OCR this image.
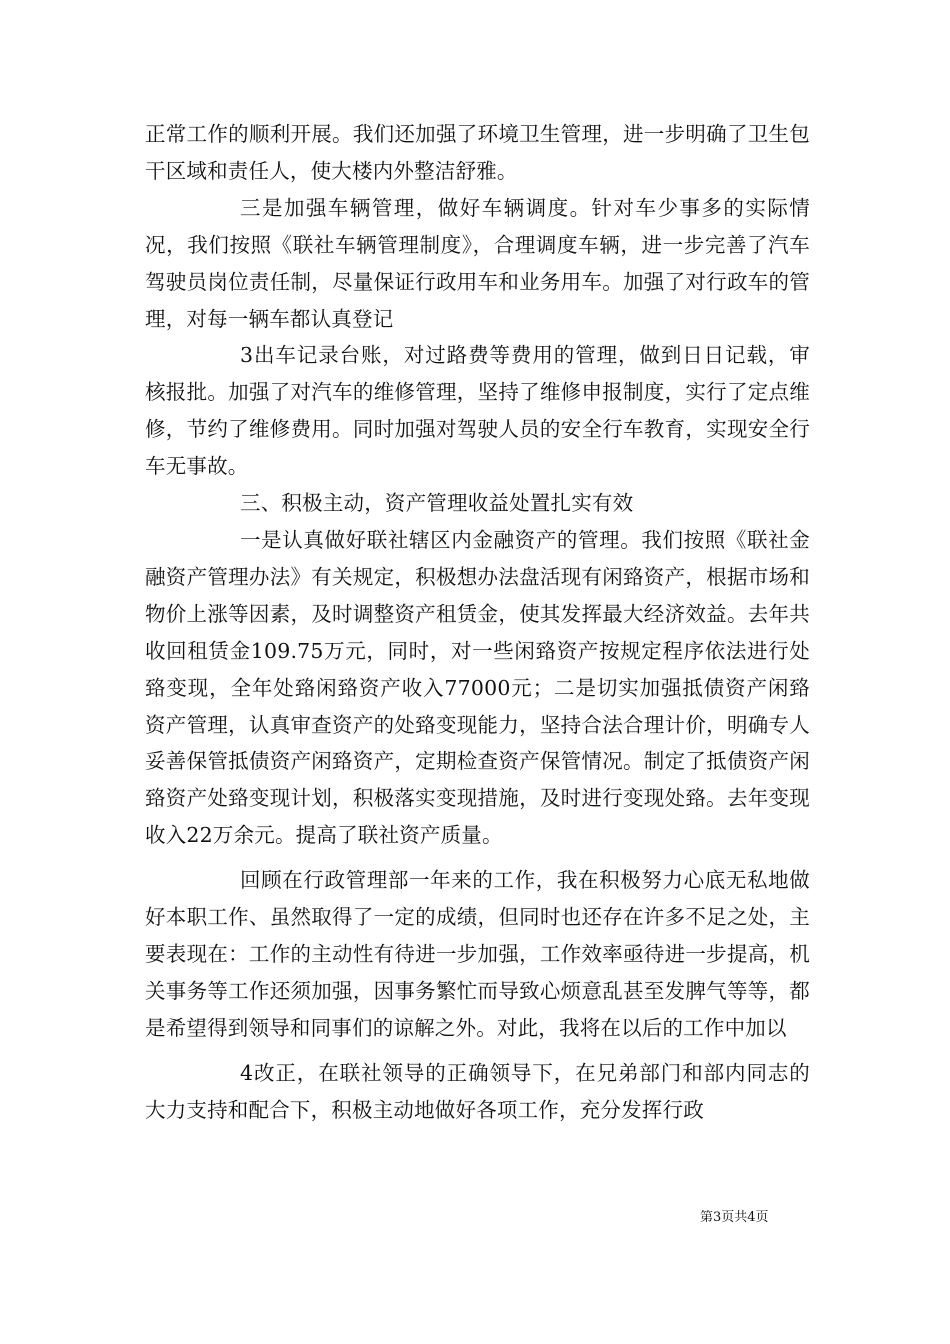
正常工作的顺利开展。我们还加强了环境卫生管理，进一步明确了卫生包干区域和责任人，使大楼内外整洁舒雅。

三是加强车辆管理，做好车辆调度。针对车少事多的实际情况，我们按照《联社车辆管理制度》，合理调度车辆，进一步完善了汽车驾驶员岗位责任制，尽量保证行政用车和业务用车。加强了对行政车的管理，对每一辆车都认真登记

3出车记录台账，对过路费等费用的管理，做到日日记载，审核报批。加强了对汽车的维修管理，坚持了维修申报制度，实行了定点维修，节约了维修费用。同时加强对驾驶人员的安全行车教育，实现安全行车无事故。

三、积极主动，资产管理收益处置扎实有效

一是认真做好联社辖区内金融资产的管理。我们按照《联社金融资产管理办法》有关规定，积极想办法盘活现有闲臵资产，根据市场和物价上涨等因素，及时调整资产租赁金，使其发挥最大经济效益。去年共收回租赁金109.75万元，同时，对一些闲臵资产按规定程序依法进行处臵变现，全年处臵闲臵资产收入77000元；二是切实加强抵债资产闲臵资产管理，认真审查资产的处臵变现能力，坚持合法合理计价，明确专人妥善保管抵债资产闲臵资产，定期检查资产保管情况。制定了抵债资产闲臵资产处臵变现计划，积极落实变现措施，及时进行变现处臵。去年变现收入22万余元。提高了联社资产质量。

回顾在行政管理部一年来的工作，我在积极努力心底无私地做好本职工作、虽然取得了一定的成绩，但同时也还存在许多不足之处，主要表现在：工作的主动性有待进一步加强，工作效率亟待进一步提高，机关事务等工作还须加强，因事务繁忙而导致心烦意乱甚至发脾气等等，都是希望得到领导和同事们的谅解之外。对此，我将在以后的工作中加以

4改正，在联社领导的正确领导下，在兄弟部门和部内同志的大力支持和配合下，积极主动地做好各项工作，充分发挥行政

第3页共4页
